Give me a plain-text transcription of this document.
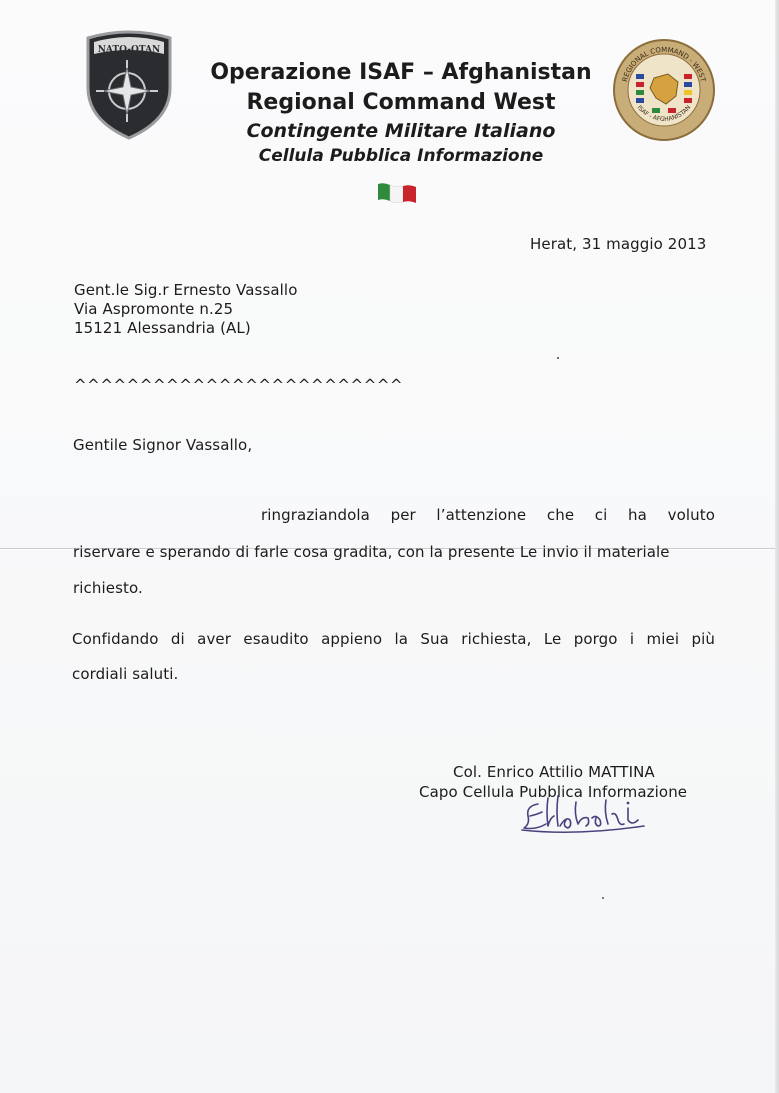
NATO-OTAN
REGIONAL COMMAND - WEST
ISAF - AFGHANISTAN
Operazione ISAF – Afghanistan
Regional Command West
Contingente Militare Italiano
Cellula Pubblica Informazione
Herat, 31 maggio 2013
Gent.le Sig.r Ernesto Vassallo
Via Aspromonte n.25
15121 Alessandria (AL)
^^^^^^^^^^^^^^^^^^^^^^^^^
Gentile Signor Vassallo,
ringraziandola per l’attenzione che ci ha voluto
riservare e sperando di farle cosa gradita, con la presente Le invio il materiale
richiesto.
Confidando di aver esaudito appieno la Sua richiesta, Le porgo i miei più
cordiali saluti.
Col. Enrico Attilio MATTINA
Capo Cellula Pubblica Informazione
